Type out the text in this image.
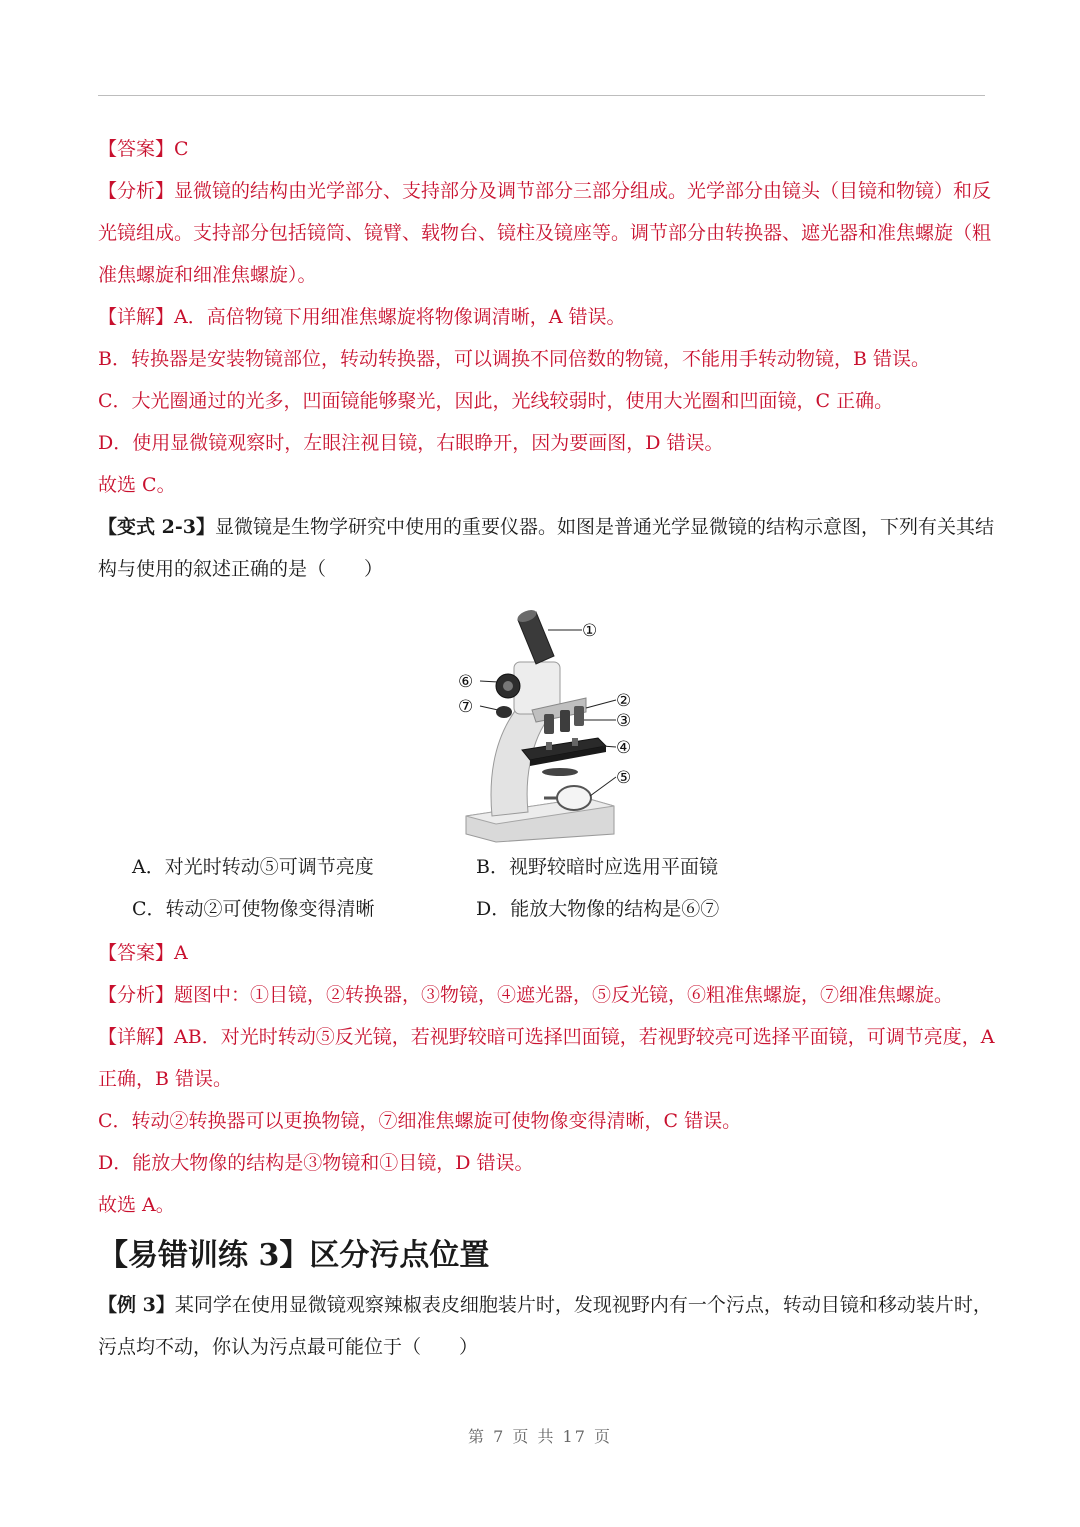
【答案】C
【分析】显微镜的结构由光学部分、支持部分及调节部分三部分组成。光学部分由镜头（目镜和物镜）和反
光镜组成。支持部分包括镜筒、镜臂、载物台、镜柱及镜座等。调节部分由转换器、遮光器和准焦螺旋（粗
准焦螺旋和细准焦螺旋）。
【详解】A．高倍物镜下用细准焦螺旋将物像调清晰，A 错误。
B．转换器是安装物镜部位，转动转换器，可以调换不同倍数的物镜，不能用手转动物镜，B 错误。
C．大光圈通过的光多，凹面镜能够聚光，因此，光线较弱时，使用大光圈和凹面镜，C 正确。
D．使用显微镜观察时，左眼注视目镜，右眼睁开，因为要画图，D 错误。
故选 C。
【变式 2-3】显微镜是生物学研究中使用的重要仪器。如图是普通光学显微镜的结构示意图，下列有关其结
构与使用的叙述正确的是（　　）
①
②
③
④
⑤
⑥
⑦
A．对光时转动⑤可调节亮度	B．视野较暗时应选用平面镜
C．转动②可使物像变得清晰	D．能放大物像的结构是⑥⑦
【答案】A
【分析】题图中：①目镜，②转换器，③物镜，④遮光器，⑤反光镜，⑥粗准焦螺旋，⑦细准焦螺旋。
【详解】AB．对光时转动⑤反光镜，若视野较暗可选择凹面镜，若视野较亮可选择平面镜，可调节亮度，A
正确，B 错误。
C．转动②转换器可以更换物镜，⑦细准焦螺旋可使物像变得清晰，C 错误。
D．能放大物像的结构是③物镜和①目镜，D 错误。
故选 A。
【易错训练 3】区分污点位置
【例 3】某同学在使用显微镜观察辣椒表皮细胞装片时，发现视野内有一个污点，转动目镜和移动装片时，
污点均不动，你认为污点最可能位于（　　）
第 7 页 共 17 页
